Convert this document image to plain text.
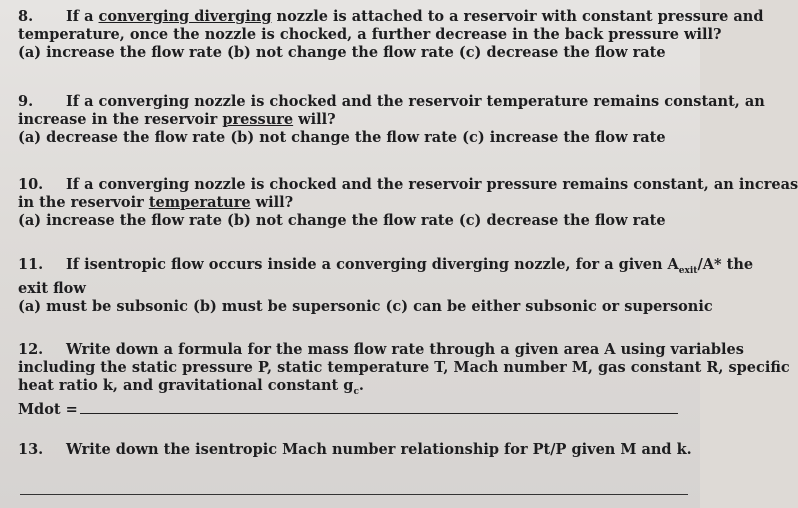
8. If a converging diverging nozzle is attached to a reservoir with constant pressure and
temperature, once the nozzle is chocked, a further decrease in the back pressure will?
(a) increase the flow rate (b) not change the flow rate (c) decrease the flow rate
9. If a converging nozzle is chocked and the reservoir temperature remains constant, an
increase in the reservoir pressure will?
(a) decrease the flow rate (b) not change the flow rate (c) increase the flow rate
10. If a converging nozzle is chocked and the reservoir pressure remains constant, an increas
in the reservoir temperature will?
(a) increase the flow rate (b) not change the flow rate (c) decrease the flow rate
11. If isentropic flow occurs inside a converging diverging nozzle, for a given $A_{exit}/A*$ the
exit flow
(a) must be subsonic (b) must be supersonic (c) can be either subsonic or supersonic
12. Write down a formula for the mass flow rate through a given area A using variables
including the static pressure P, static temperature T, Mach number M, gas constant R, specific
heat ratio k, and gravitational constant $g_c$.
Mdot =
13. Write down the isentropic Mach number relationship for Pt/P given M and k.
